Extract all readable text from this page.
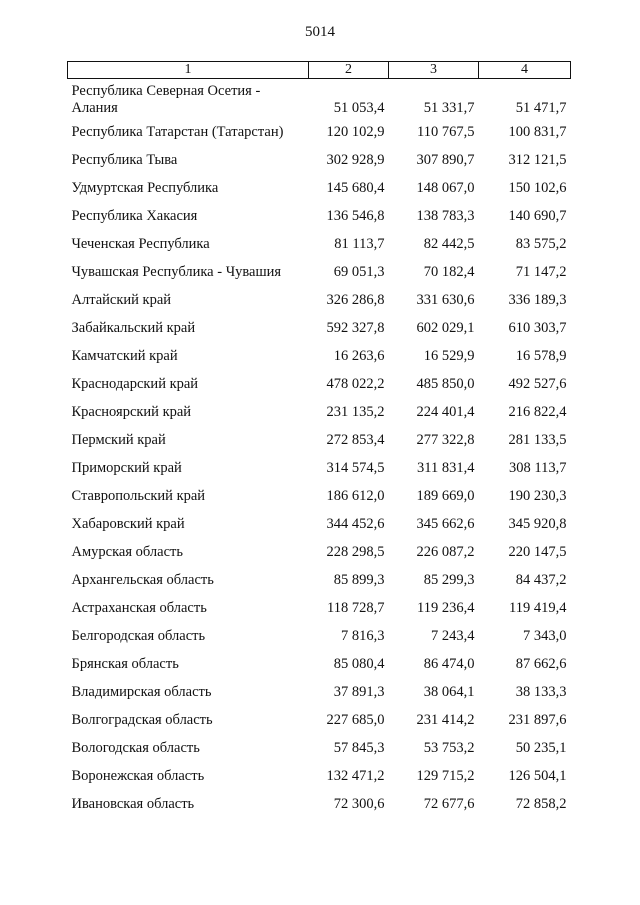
5014
1	2	3	4
Республика Северная Осетия - Алания	51 053,4	51 331,7	51 471,7
Республика Татарстан (Татарстан)	120 102,9	110 767,5	100 831,7
Республика Тыва	302 928,9	307 890,7	312 121,5
Удмуртская Республика	145 680,4	148 067,0	150 102,6
Республика Хакасия	136 546,8	138 783,3	140 690,7
Чеченская Республика	81 113,7	82 442,5	83 575,2
Чувашская Республика - Чувашия	69 051,3	70 182,4	71 147,2
Алтайский край	326 286,8	331 630,6	336 189,3
Забайкальский край	592 327,8	602 029,1	610 303,7
Камчатский край	16 263,6	16 529,9	16 578,9
Краснодарский край	478 022,2	485 850,0	492 527,6
Красноярский край	231 135,2	224 401,4	216 822,4
Пермский край	272 853,4	277 322,8	281 133,5
Приморский край	314 574,5	311 831,4	308 113,7
Ставропольский край	186 612,0	189 669,0	190 230,3
Хабаровский край	344 452,6	345 662,6	345 920,8
Амурская область	228 298,5	226 087,2	220 147,5
Архангельская область	85 899,3	85 299,3	84 437,2
Астраханская область	118 728,7	119 236,4	119 419,4
Белгородская область	7 816,3	7 243,4	7 343,0
Брянская область	85 080,4	86 474,0	87 662,6
Владимирская область	37 891,3	38 064,1	38 133,3
Волгоградская область	227 685,0	231 414,2	231 897,6
Вологодская область	57 845,3	53 753,2	50 235,1
Воронежская область	132 471,2	129 715,2	126 504,1
Ивановская область	72 300,6	72 677,6	72 858,2
